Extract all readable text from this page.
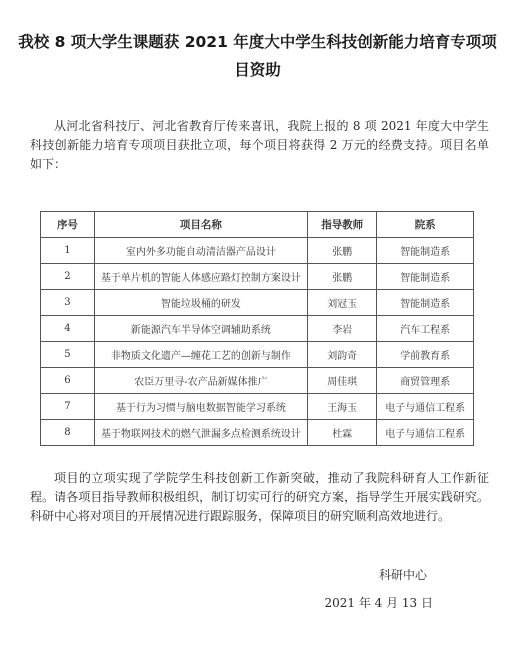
我校 8 项大学生课题获 2021 年度大中学生科技创新能力培育专项项目资助
从河北省科技厅、河北省教育厅传来喜讯，我院上报的 8 项 2021 年度大中学生科技创新能力培育专项项目获批立项，每个项目将获得 2 万元的经费支持。项目名单如下：
序号	项目名称	指导教师	院系
1	室内外多功能自动清洁器产品设计	张鹏	智能制造系
2	基于单片机的智能人体感应路灯控制方案设计	张鹏	智能制造系
3	智能垃圾桶的研发	刘冠玉	智能制造系
4	新能源汽车半导体空调辅助系统	李岩	汽车工程系
5	非物质文化遗产—缠花工艺的创新与制作	刘韵奇	学前教育系
6	农臣万里寻-农产品新媒体推广	周佳琪	商贸管理系
7	基于行为习惯与脑电数据智能学习系统	王海玉	电子与通信工程系
8	基于物联网技术的燃气泄漏多点检测系统设计	杜霖	电子与通信工程系
项目的立项实现了学院学生科技创新工作新突破，推动了我院科研育人工作新征程。请各项目指导教师积极组织，制订切实可行的研究方案，指导学生开展实践研究。科研中心将对项目的开展情况进行跟踪服务，保障项目的研究顺利高效地进行。
科研中心
2021 年 4 月 13 日
